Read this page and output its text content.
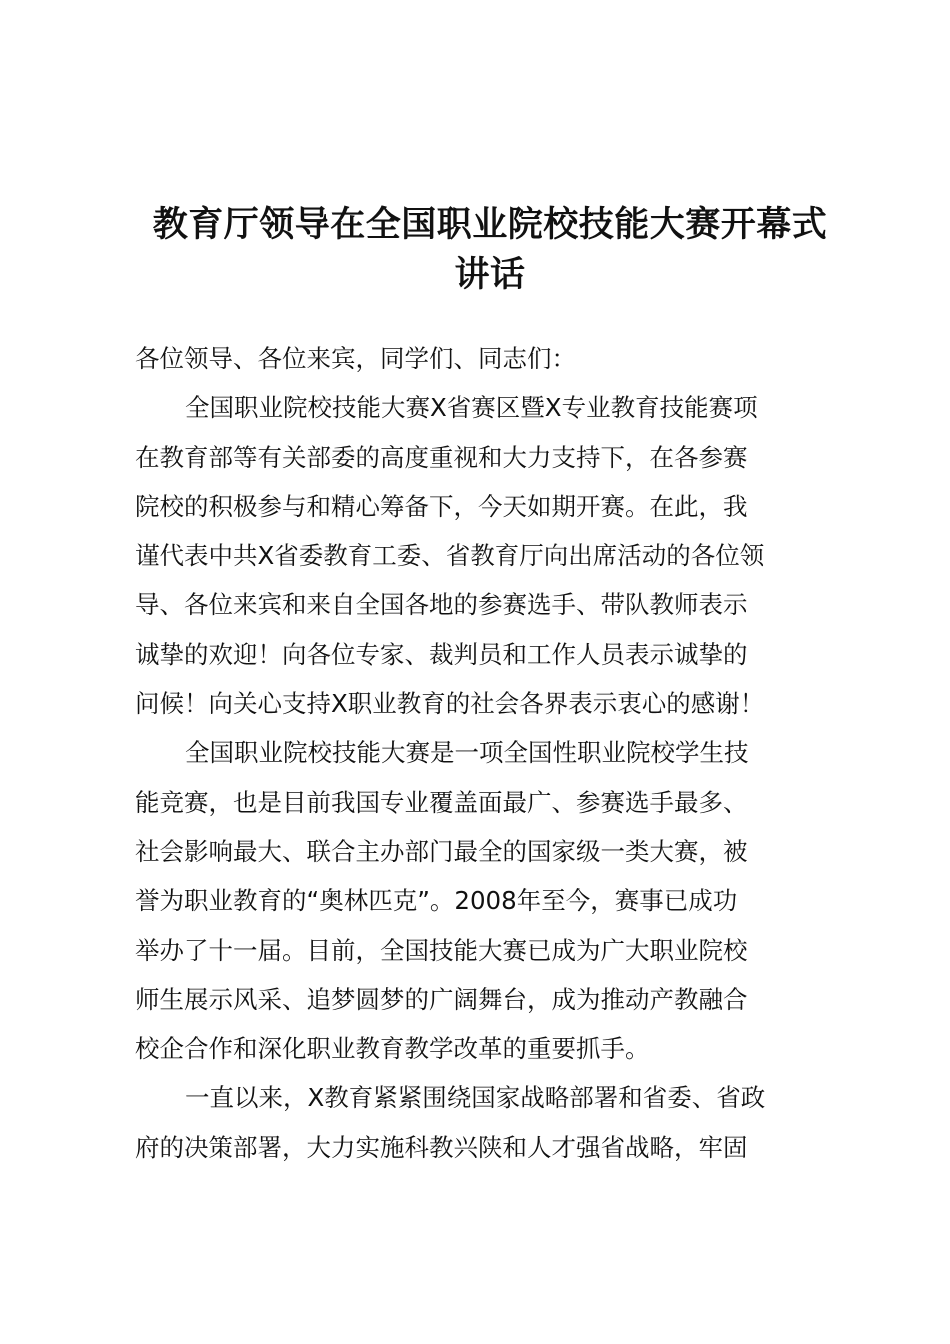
教育厅领导在全国职业院校技能大赛开幕式
讲话
各位领导、各位来宾，同学们、同志们：
全国职业院校技能大赛X省赛区暨X专业教育技能赛项
在教育部等有关部委的高度重视和大力支持下，在各参赛
院校的积极参与和精心筹备下，今天如期开赛。在此，我
谨代表中共X省委教育工委、省教育厅向出席活动的各位领
导、各位来宾和来自全国各地的参赛选手、带队教师表示
诚挚的欢迎！向各位专家、裁判员和工作人员表示诚挚的
问候！向关心支持X职业教育的社会各界表示衷心的感谢！
全国职业院校技能大赛是一项全国性职业院校学生技
能竞赛，也是目前我国专业覆盖面最广、参赛选手最多、
社会影响最大、联合主办部门最全的国家级一类大赛，被
誉为职业教育的“奥林匹克”。2008年至今，赛事已成功
举办了十一届。目前，全国技能大赛已成为广大职业院校
师生展示风采、追梦圆梦的广阔舞台，成为推动产教融合
校企合作和深化职业教育教学改革的重要抓手。
一直以来，X教育紧紧围绕国家战略部署和省委、省政
府的决策部署，大力实施科教兴陕和人才强省战略，牢固
